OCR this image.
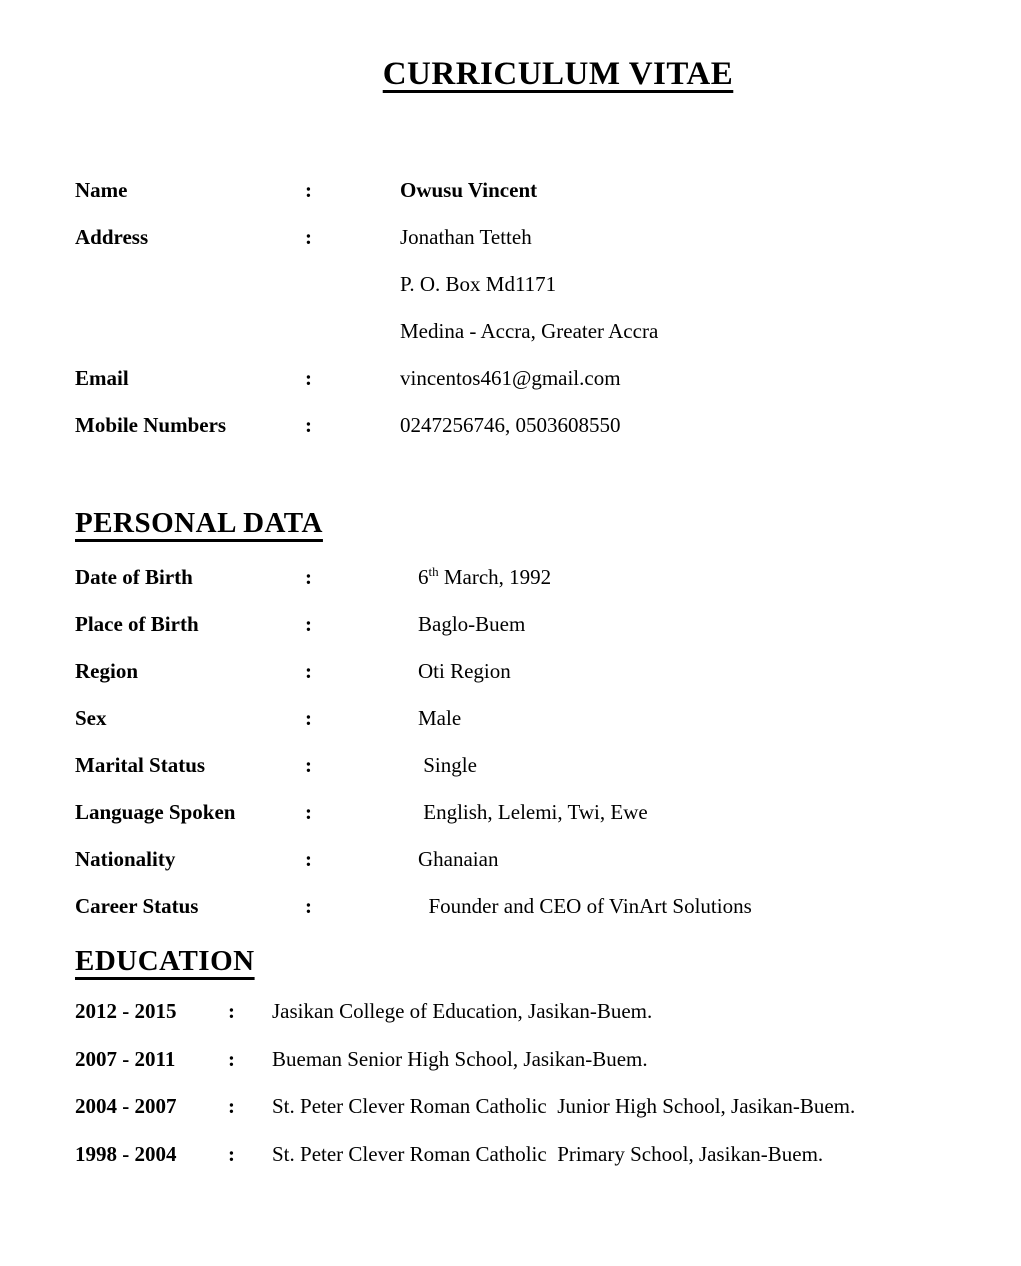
CURRICULUM VITAE
Name	:	Owusu Vincent
Address	:	Jonathan Tetteh
P. O. Box Md1171
Medina - Accra, Greater Accra
Email	:	vincentos461@gmail.com
Mobile Numbers	:	0247256746, 0503608550
PERSONAL DATA
Date of Birth	:	6th March, 1992
Place of Birth	:	Baglo-Buem
Region	:	Oti Region
Sex	:	Male
Marital Status	:	Single
Language Spoken	:	English, Lelemi, Twi, Ewe
Nationality	:	Ghanaian
Career Status	:	Founder and CEO of VinArt Solutions
EDUCATION
2012 - 2015	:	Jasikan College of Education, Jasikan-Buem.
2007 - 2011	:	Bueman Senior High School, Jasikan-Buem.
2004 - 2007	:	St. Peter Clever Roman Catholic  Junior High School, Jasikan-Buem.
1998 - 2004	:	St. Peter Clever Roman Catholic  Primary School, Jasikan-Buem.
